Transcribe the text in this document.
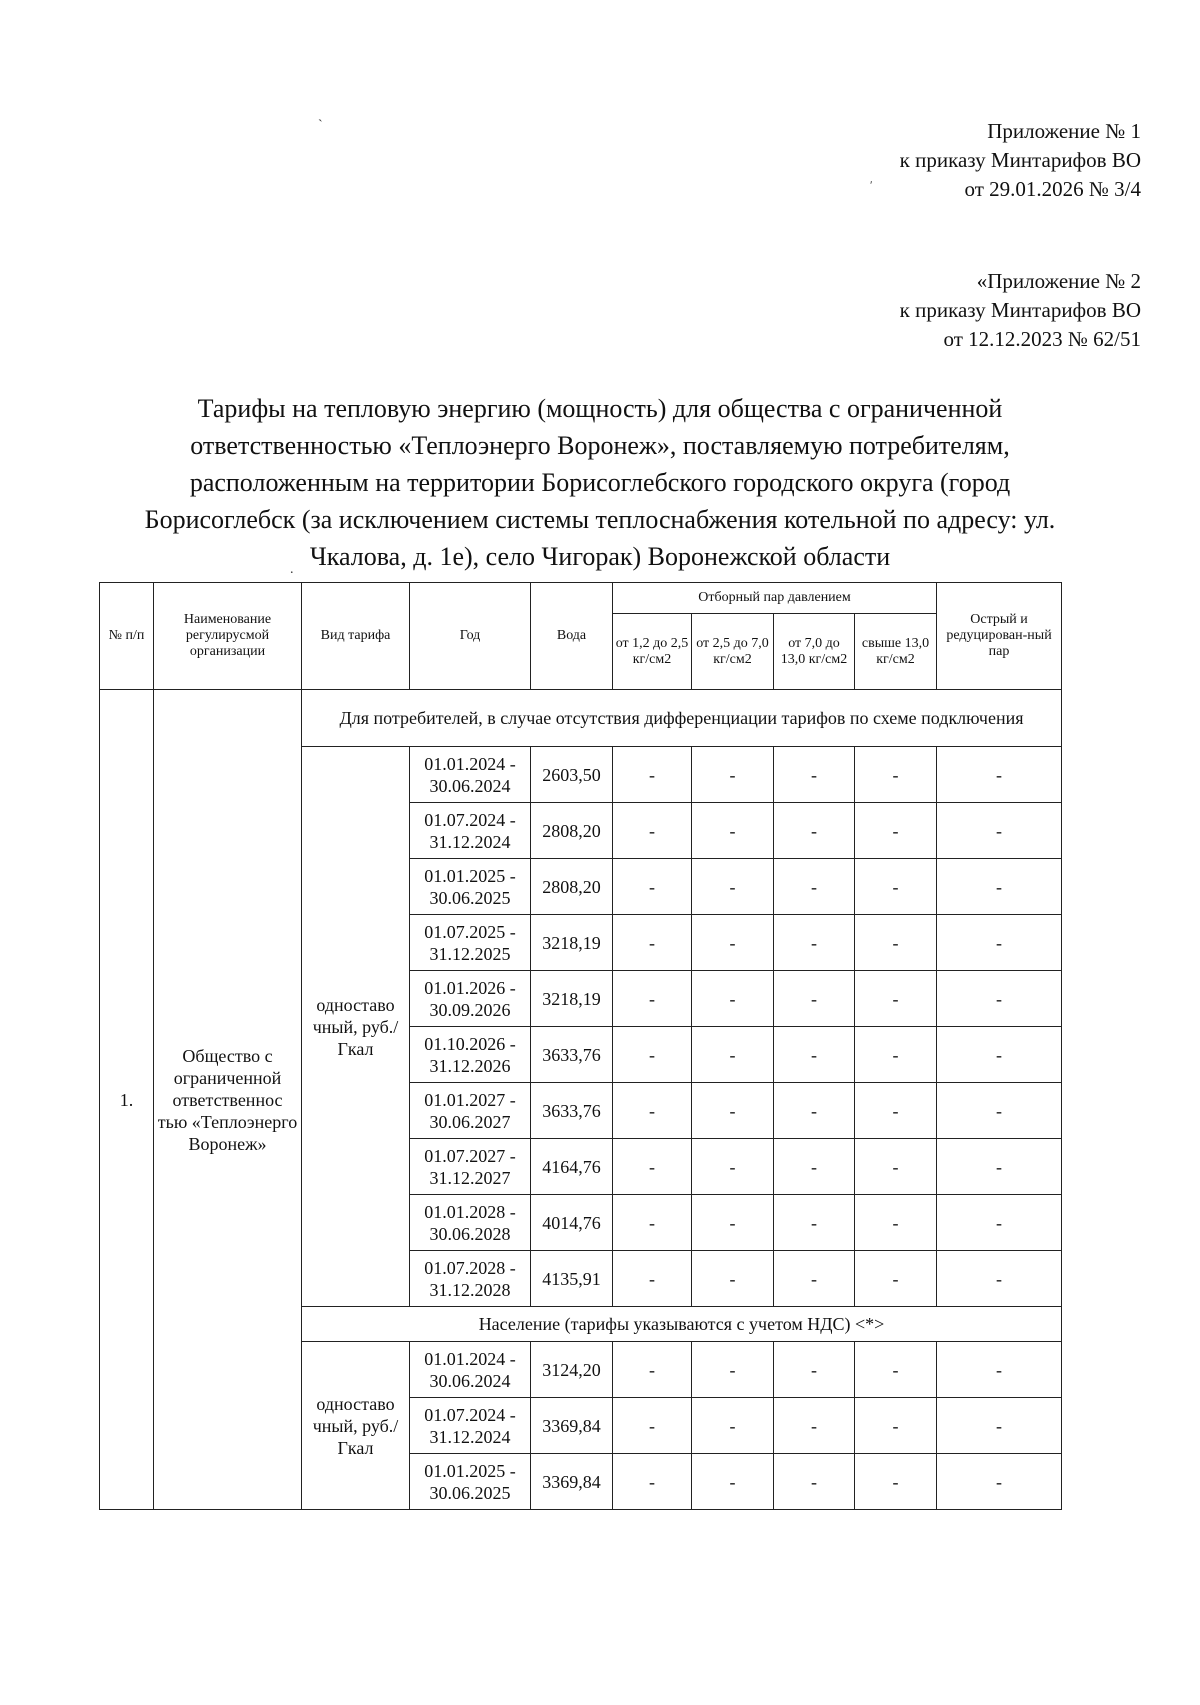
`
ʹ
.
Приложение № 1
к приказу Минтарифов ВО
от 29.01.2026 № 3/4
«Приложение № 2
к приказу Минтарифов ВО
от 12.12.2023 № 62/51
Тарифы на тепловую энергию (мощность) для общества с ограниченной
ответственностью «Теплоэнерго Воронеж», поставляемую потребителям,
расположенным на территории Борисоглебского городского округа (город
Борисоглебск (за исключением системы теплоснабжения котельной по адресу: ул.
Чкалова, д. 1е), село Чигорак) Воронежской области
№ п/п	Наименование регулирусмой организации	Вид тарифа	Год	Вода	Отборный пар давлением				Острый и редуцирован-ный пар
					от 1,2 до 2,5 кг/см2	от 2,5 до 7,0 кг/см2	от 7,0 до 13,0 кг/см2	свыше 13,0 кг/см2	
1.	Общество с ограниченной ответственнос тью «Теплоэнерго Воронеж»	Для потребителей, в случае отсутствия дифференциации тарифов по схеме подключения							
		одноставо чный, руб./Гкал	01.01.2024 - 30.06.2024	2603,50	-	-	-	-	-
			01.07.2024 - 31.12.2024	2808,20	-	-	-	-	-
			01.01.2025 - 30.06.2025	2808,20	-	-	-	-	-
			01.07.2025 - 31.12.2025	3218,19	-	-	-	-	-
			01.01.2026 - 30.09.2026	3218,19	-	-	-	-	-
			01.10.2026 - 31.12.2026	3633,76	-	-	-	-	-
			01.01.2027 - 30.06.2027	3633,76	-	-	-	-	-
			01.07.2027 - 31.12.2027	4164,76	-	-	-	-	-
			01.01.2028 - 30.06.2028	4014,76	-	-	-	-	-
			01.07.2028 - 31.12.2028	4135,91	-	-	-	-	-
		Население (тарифы указываются с учетом НДС) <*>							
		одноставо чный, руб./Гкал	01.01.2024 - 30.06.2024	3124,20	-	-	-	-	-
			01.07.2024 - 31.12.2024	3369,84	-	-	-	-	-
			01.01.2025 - 30.06.2025	3369,84	-	-	-	-	-
